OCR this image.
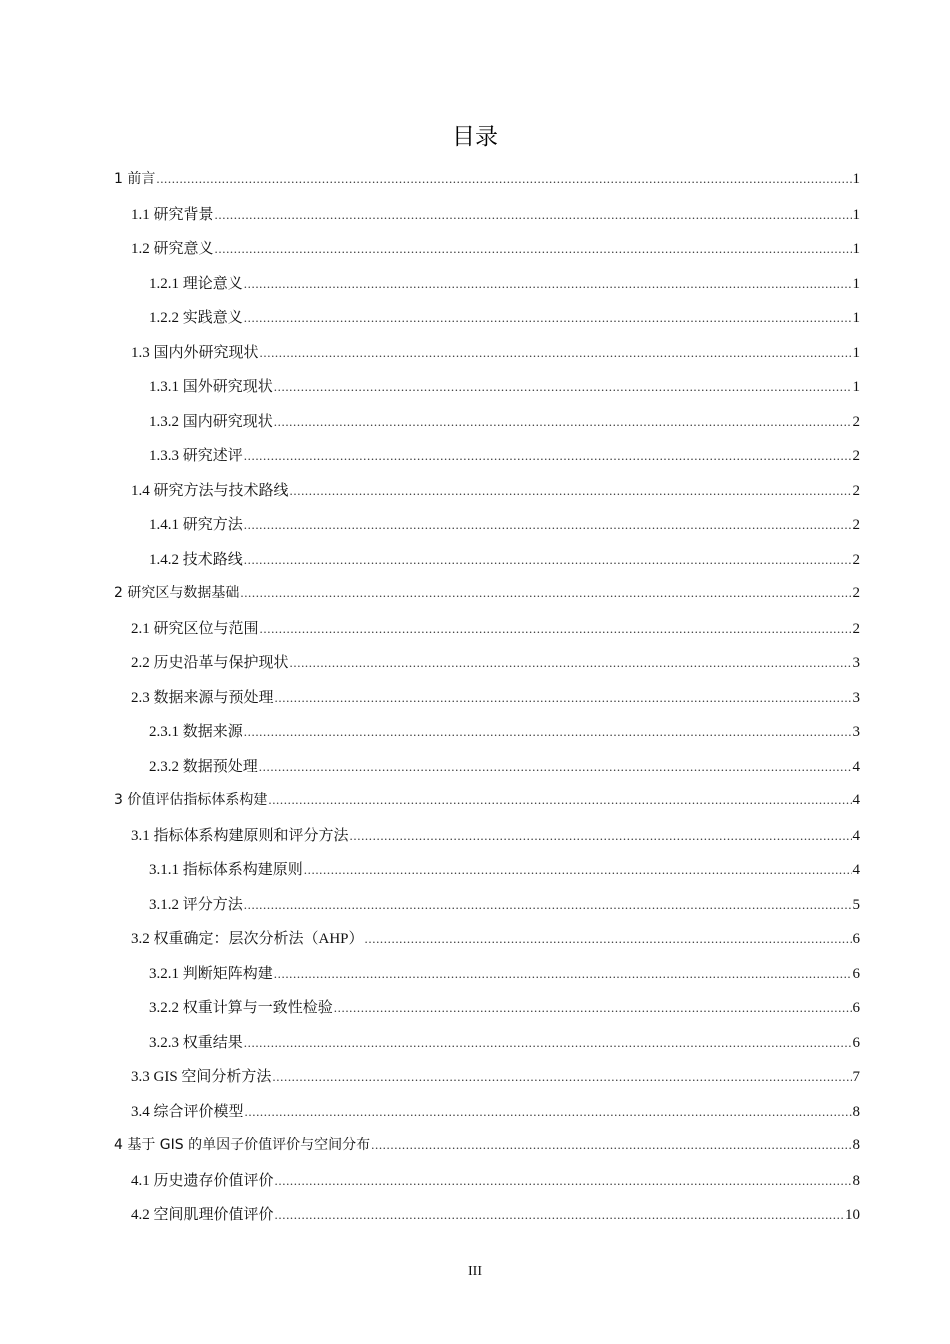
目录
1 前言 .....	1
1.1 研究背景 .....	1
1.2 研究意义 .....	1
1.2.1 理论意义 .....	1
1.2.2 实践意义 .....	1
1.3 国内外研究现状 .....	1
1.3.1 国外研究现状 .....	1
1.3.2 国内研究现状 .....	2
1.3.3 研究述评 .....	2
1.4 研究方法与技术路线 .....	2
1.4.1 研究方法 .....	2
1.4.2 技术路线 .....	2
2 研究区与数据基础 .....	2
2.1 研究区位与范围 .....	2
2.2 历史沿革与保护现状 .....	3
2.3 数据来源与预处理 .....	3
2.3.1 数据来源 .....	3
2.3.2 数据预处理 .....	4
3 价值评估指标体系构建 .....	4
3.1 指标体系构建原则和评分方法 .....	4
3.1.1 指标体系构建原则 .....	4
3.1.2 评分方法 .....	5
3.2 权重确定：层次分析法（AHP） .....	6
3.2.1 判断矩阵构建 .....	6
3.2.2 权重计算与一致性检验 .....	6
3.2.3 权重结果 .....	6
3.3 GIS 空间分析方法 .....	7
3.4 综合评价模型 .....	8
4 基于 GIS 的单因子价值评价与空间分布 .....	8
4.1 历史遗存价值评价 .....	8
4.2 空间肌理价值评价 .....	10
III
